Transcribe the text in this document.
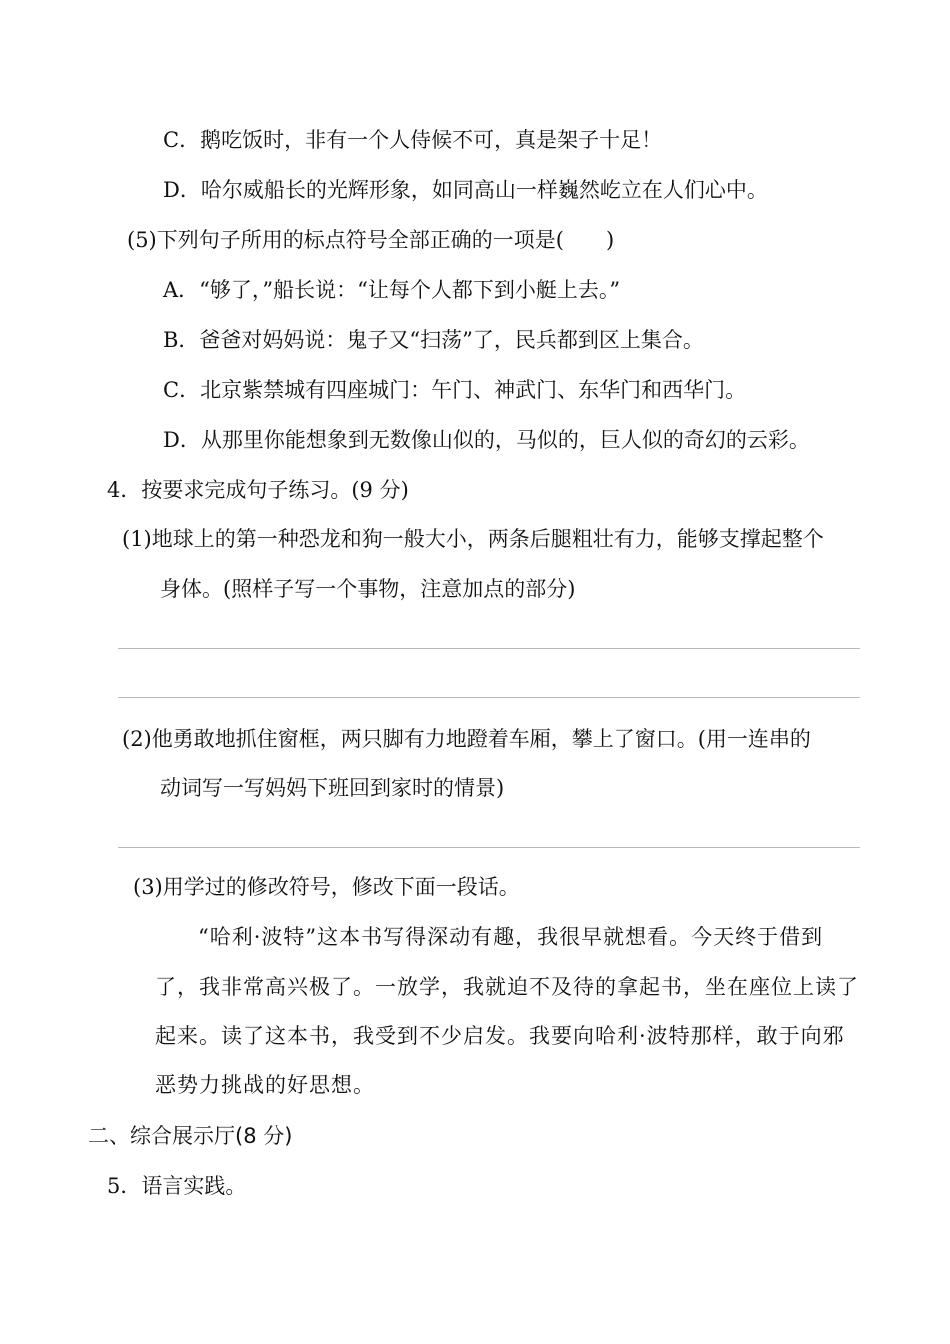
C．鹅吃饭时，非有一个人侍候不可，真是架子十足！
D．哈尔威船长的光辉形象，如同高山一样巍然屹立在人们心中。
(5)下列句子所用的标点符号全部正确的一项是(　　)
A．“够了，”船长说：“让每个人都下到小艇上去。”
B．爸爸对妈妈说：鬼子又“扫荡”了，民兵都到区上集合。
C．北京紫禁城有四座城门：午门、神武门、东华门和西华门。
D．从那里你能想象到无数像山似的，马似的，巨人似的奇幻的云彩。
4．按要求完成句子练习。(9 分)
(1)地球上的第一种恐龙和狗一般大小，两条后腿粗壮有力，能够支撑起整个
身体。(照样子写一个事物，注意加点的部分)
(2)他勇敢地抓住窗框，两只脚有力地蹬着车厢，攀上了窗口。(用一连串的
动词写一写妈妈下班回到家时的情景)
(3)用学过的修改符号，修改下面一段话。
“哈利·波特”这本书写得深动有趣，我很早就想看。今天终于借到
了，我非常高兴极了。一放学，我就迫不及待的拿起书，坐在座位上读了
起来。读了这本书，我受到不少启发。我要向哈利·波特那样，敢于向邪
恶势力挑战的好思想。
二、综合展示厅(8 分)
5．语言实践。
